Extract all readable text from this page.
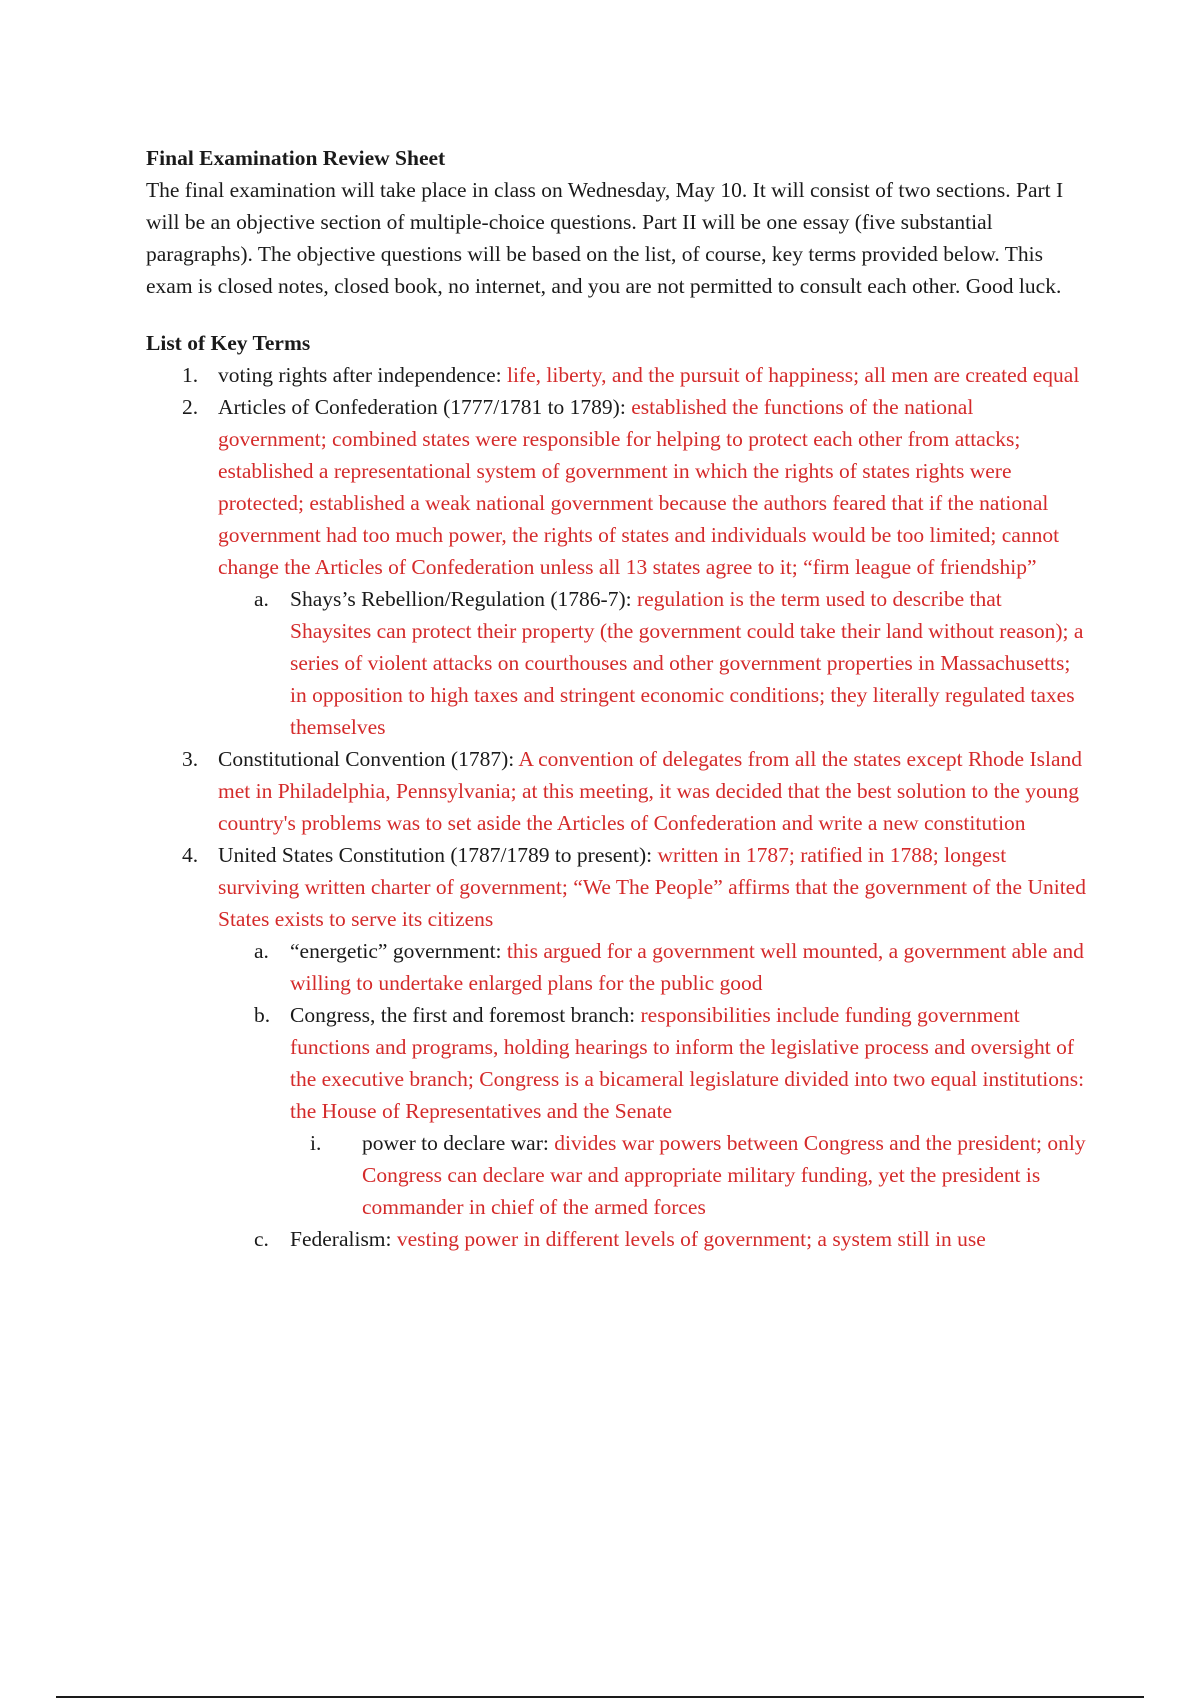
Final Examination Review Sheet

The final examination will take place in class on Wednesday, May 10. It will consist of two sections. Part I will be an objective section of multiple-choice questions. Part II will be one essay (five substantial paragraphs). The objective questions will be based on the list, of course, key terms provided below. This exam is closed notes, closed book, no internet, and you are not permitted to consult each other. Good luck.

List of Key Terms

1. voting rights after independence: life, liberty, and the pursuit of happiness; all men are created equal
2. Articles of Confederation (1777/1781 to 1789): established the functions of the national government; combined states were responsible for helping to protect each other from attacks; established a representational system of government in which the rights of states rights were protected; established a weak national government because the authors feared that if the national government had too much power, the rights of states and individuals would be too limited; cannot change the Articles of Confederation unless all 13 states agree to it; “firm league of friendship”
a. Shays’s Rebellion/Regulation (1786-7): regulation is the term used to describe that Shaysites can protect their property (the government could take their land without reason); a series of violent attacks on courthouses and other government properties in Massachusetts; in opposition to high taxes and stringent economic conditions; they literally regulated taxes themselves
3. Constitutional Convention (1787): A convention of delegates from all the states except Rhode Island met in Philadelphia, Pennsylvania; at this meeting, it was decided that the best solution to the young country's problems was to set aside the Articles of Confederation and write a new constitution
4. United States Constitution (1787/1789 to present): written in 1787; ratified in 1788; longest surviving written charter of government; “We The People” affirms that the government of the United States exists to serve its citizens
a. “energetic” government: this argued for a government well mounted, a government able and willing to undertake enlarged plans for the public good
b. Congress, the first and foremost branch: responsibilities include funding government functions and programs, holding hearings to inform the legislative process and oversight of the executive branch; Congress is a bicameral legislature divided into two equal institutions: the House of Representatives and the Senate
i. power to declare war: divides war powers between Congress and the president; only Congress can declare war and appropriate military funding, yet the president is commander in chief of the armed forces
c. Federalism: vesting power in different levels of government; a system still in use
